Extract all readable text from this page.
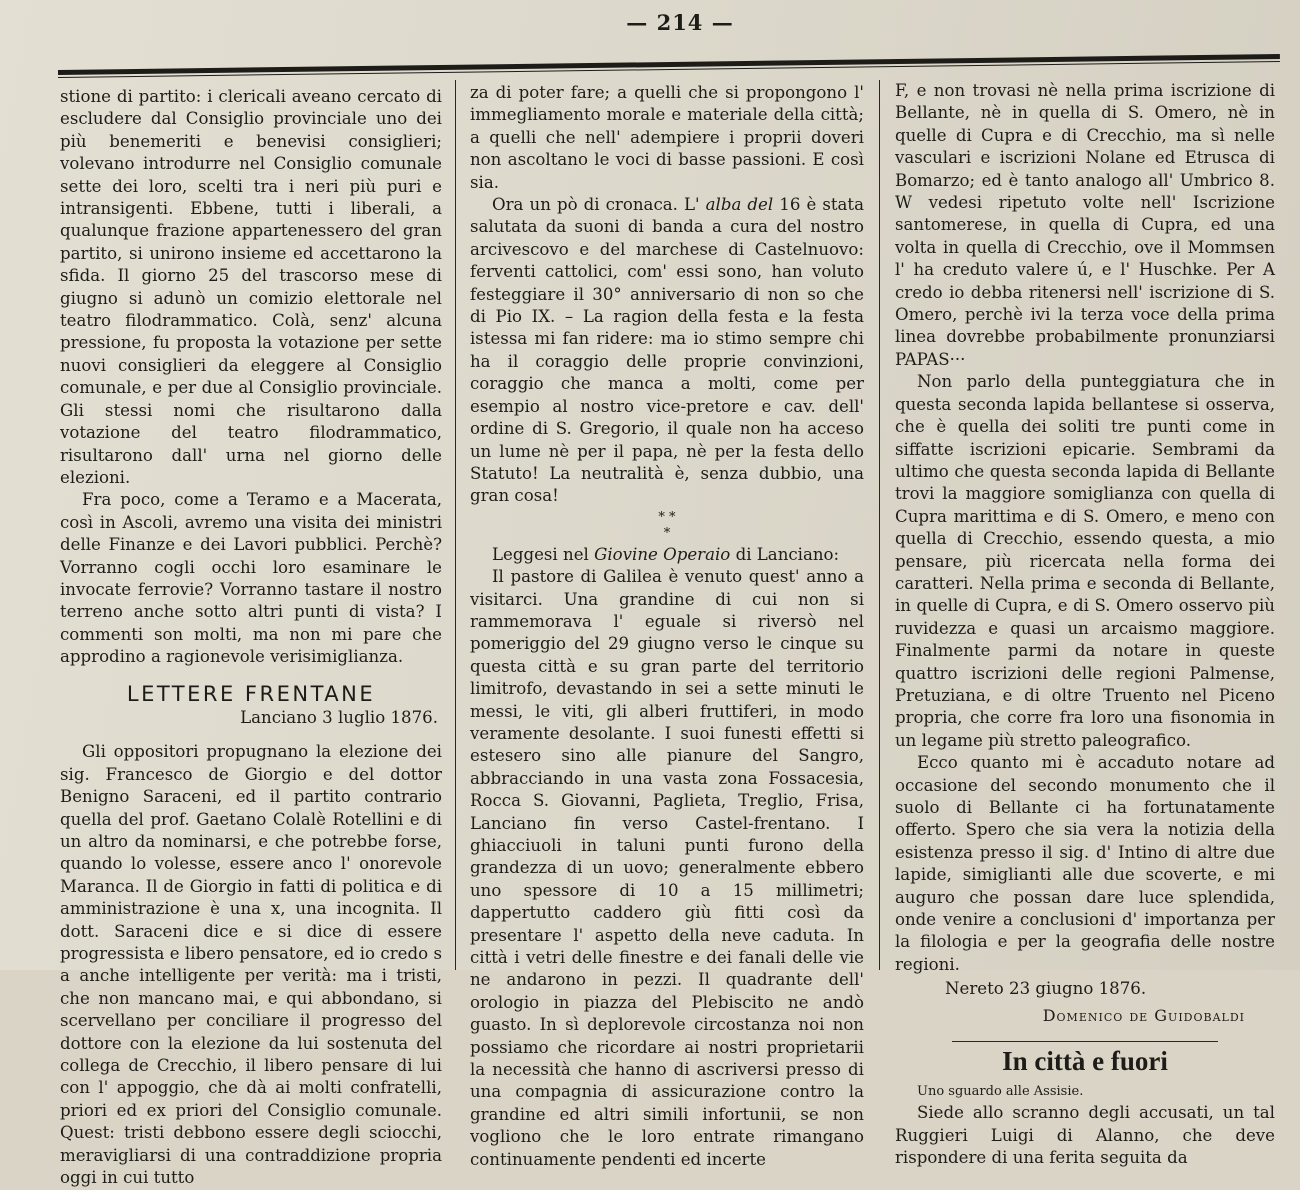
— 214 —

stione di partito: i clericali aveano cercato di escludere dal Consiglio provinciale uno dei più benemeriti e benevisi consiglieri; volevano introdurre nel Consiglio comunale sette dei loro, scelti tra i neri più puri e intransigenti. Ebbene, tutti i liberali, a qualunque frazione appartenessero del gran partito, si unirono insieme ed accettarono la sfida. Il giorno 25 del trascorso mese di giugno si adunò un comizio elettorale nel teatro filodrammatico. Colà, senz' alcuna pressione, fu proposta la votazione per sette nuovi consiglieri da eleggere al Consiglio comunale, e per due al Consiglio provinciale. Gli stessi nomi che risultarono dalla votazione del teatro filodrammatico, risultarono dall' urna nel giorno delle elezioni.

Fra poco, come a Teramo e a Macerata, così in Ascoli, avremo una visita dei ministri delle Finanze e dei Lavori pubblici. Perchè? Vorranno cogli occhi loro esaminare le invocate ferrovie? Vorranno tastare il nostro terreno anche sotto altri punti di vista? I commenti son molti, ma non mi pare che approdino a ragionevole verisimiglianza.

LETTERE FRENTANE
Lanciano 3 luglio 1876.

Gli oppositori propugnano la elezione dei sig. Francesco de Giorgio e del dottor Benigno Saraceni, ed il partito contrario quella del prof. Gaetano Colalè Rotellini e di un altro da nominarsi, e che potrebbe forse, quando lo volesse, essere anco l' onorevole Maranca. Il de Giorgio in fatti di politica e di amministrazione è una x, una incognita. Il dott. Saraceni dice e si dice di essere progressista e libero pensatore, ed io credo s a anche intelligente per verità: ma i tristi, che non mancano mai, e qui abbondano, si scervellano per conciliare il progresso del dottore con la elezione da lui sostenuta del collega de Crecchio, il libero pensare di lui con l' appoggio, che dà ai molti confratelli, priori ed ex priori del Consiglio comunale. Quest: tristi debbono essere degli sciocchi, meravigliarsi di una contraddizione propria oggi in cui tutto

za di poter fare; a quelli che si propongono l' immegliamento morale e materiale della città; a quelli che nell' adempiere i proprii doveri non ascoltano le voci di basse passioni. E così sia.

Ora un pò di cronaca. L' alba del 16 è stata salutata da suoni di banda a cura del nostro arcivescovo e del marchese di Castelnuovo: ferventi cattolici, com' essi sono, han voluto festeggiare il 30° anniversario di non so che di Pio IX. – La ragion della festa e la festa istessa mi fan ridere: ma io stimo sempre chi ha il coraggio delle proprie convinzioni, coraggio che manca a molti, come per esempio al nostro vice-pretore e cav. dell' ordine di S. Gregorio, il quale non ha acceso un lume nè per il papa, nè per la festa dello Statuto! La neutralità è, senza dubbio, una gran cosa!

* *
*

Leggesi nel Giovine Operaio di Lanciano:

Il pastore di Galilea è venuto quest' anno a visitarci. Una grandine di cui non si rammemorava l' eguale si riversò nel pomeriggio del 29 giugno verso le cinque su questa città e su gran parte del territorio limitrofo, devastando in sei a sette minuti le messi, le viti, gli alberi fruttiferi, in modo veramente desolante. I suoi funesti effetti si estesero sino alle pianure del Sangro, abbracciando in una vasta zona Fossacesia, Rocca S. Giovanni, Paglieta, Treglio, Frisa, Lanciano fin verso Castel-frentano. I ghiacciuoli in taluni punti furono della grandezza di un uovo; generalmente ebbero uno spessore di 10 a 15 millimetri; dappertutto caddero giù fitti così da presentare l' aspetto della neve caduta. In città i vetri delle finestre e dei fanali delle vie ne andarono in pezzi. Il quadrante dell' orologio in piazza del Plebiscito ne andò guasto. In sì deplorevole circostanza noi non possiamo che ricordare ai nostri proprietarii la necessità che hanno di ascriversi presso di una compagnia di assicurazione contro la grandine ed altri simili infortunii, se non vogliono che le loro entrate rimangano continuamente pendenti ed incerte

F, e non trovasi nè nella prima iscrizione di Bellante, nè in quella di S. Omero, nè in quelle di Cupra e di Crecchio, ma sì nelle vasculari e iscrizioni Nolane ed Etrusca di Bomarzo; ed è tanto analogo all' Umbrico 8. W vedesi ripetuto volte nell' Iscrizione santomerese, in quella di Cupra, ed una volta in quella di Crecchio, ove il Mommsen l' ha creduto valere ú, e l' Huschke. Per A credo io debba ritenersi nell' iscrizione di S. Omero, perchè ivi la terza voce della prima linea dovrebbe probabilmente pronunziarsi PAPAS···

Non parlo della punteggiatura che in questa seconda lapida bellantese si osserva, che è quella dei soliti tre punti come in siffatte iscrizioni epicarie. Sembrami da ultimo che questa seconda lapida di Bellante trovi la maggiore somiglianza con quella di Cupra marittima e di S. Omero, e meno con quella di Crecchio, essendo questa, a mio pensare, più ricercata nella forma dei caratteri. Nella prima e seconda di Bellante, in quelle di Cupra, e di S. Omero osservo più ruvidezza e quasi un arcaismo maggiore. Finalmente parmi da notare in queste quattro iscrizioni delle regioni Palmense, Pretuziana, e di oltre Truento nel Piceno propria, che corre fra loro una fisonomia in un legame più stretto paleografico.

Ecco quanto mi è accaduto notare ad occasione del secondo monumento che il suolo di Bellante ci ha fortunatamente offerto. Spero che sia vera la notizia della esistenza presso il sig. d' Intino di altre due lapide, simiglianti alle due scoverte, e mi auguro che possan dare luce splendida, onde venire a conclusioni d' importanza per la filologia e per la geografia delle nostre regioni.

Nereto 23 giugno 1876.

Domenico de Guidobaldi
In città e fuori

Uno sguardo alle Assisie.

Siede allo scranno degli accusati, un tal Ruggieri Luigi di Alanno, che deve rispondere di una ferita seguita da
